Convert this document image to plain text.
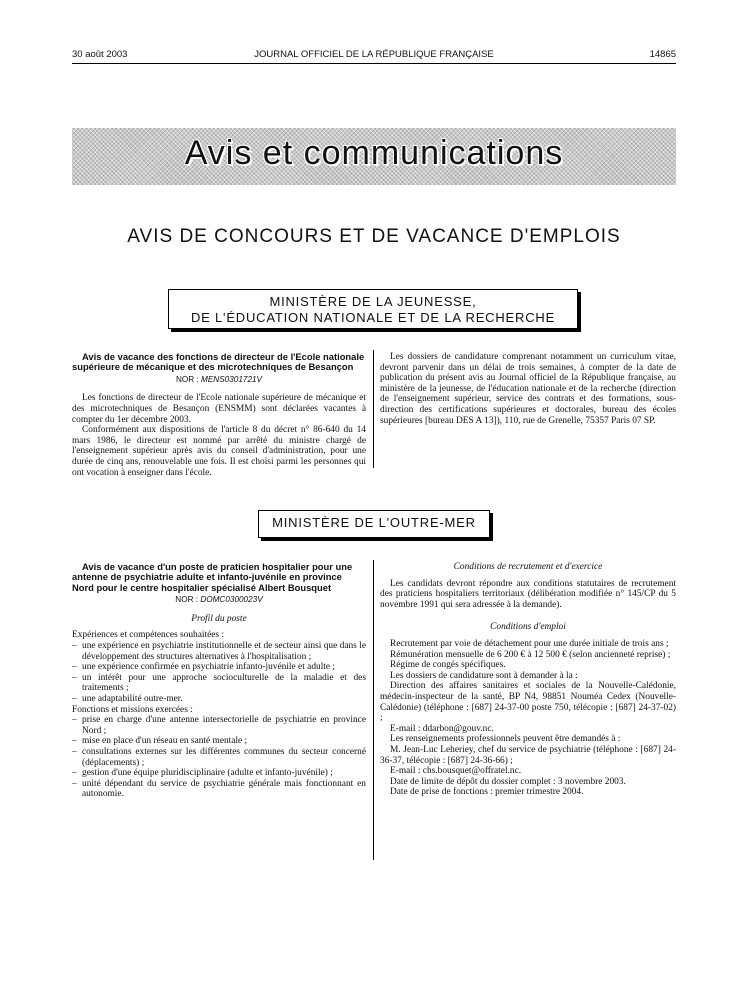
30 août 2003	JOURNAL OFFICIEL DE LA RÉPUBLIQUE FRANÇAISE	14865
Avis et communications
AVIS DE CONCOURS ET DE VACANCE D'EMPLOIS
MINISTÈRE DE LA JEUNESSE,
DE L'ÉDUCATION NATIONALE ET DE LA RECHERCHE

Avis de vacance des fonctions de directeur de l'Ecole nationale supérieure de mécanique et des microtechniques de Besançon

NOR : MENS0301721V

Les fonctions de directeur de l'Ecole nationale supérieure de mécanique et des microtechniques de Besançon (ENSMM) sont déclarées vacantes à compter du 1er décembre 2003.

Conformément aux dispositions de l'article 8 du décret n° 86-640 du 14 mars 1986, le directeur est nommé par arrêté du ministre chargé de l'enseignement supérieur après avis du conseil d'administration, pour une durée de cinq ans, renouvelable une fois. Il est choisi parmi les personnes qui ont vocation à enseigner dans l'école.

Les dossiers de candidature comprenant notamment un curriculum vitae, devront parvenir dans un délai de trois semaines, à compter de la date de publication du présent avis au Journal officiel de la République française, au ministère de la jeunesse, de l'éducation nationale et de la recherche (direction de l'enseignement supérieur, service des contrats et des formations, sous-direction des certifications supérieures et doctorales, bureau des écoles supérieures [bureau DES A 13]), 110, rue de Grenelle, 75357 Paris 07 SP.

MINISTÈRE DE L'OUTRE-MER

Avis de vacance d'un poste de praticien hospitalier pour une antenne de psychiatrie adulte et infanto-juvénile en province Nord pour le centre hospitalier spécialisé Albert Bousquet

NOR : DOMC0300023V
Profil du poste

Expériences et compétences souhaitées :

– une expérience en psychiatrie institutionnelle et de secteur ainsi que dans le développement des structures alternatives à l'hospitalisation ;
– une expérience confirmée en psychiatrie infanto-juvénile et adulte ;
– un intérêt pour une approche socioculturelle de la maladie et des traitements ;
– une adaptabilité outre-mer.

Fonctions et missions exercées :

– prise en charge d'une antenne intersectorielle de psychiatrie en province Nord ;
– mise en place d'un réseau en santé mentale ;
– consultations externes sur les différentes communes du secteur concerné (déplacements) ;
– gestion d'une équipe pluridisciplinaire (adulte et infanto-juvénile) ;
– unité dépendant du service de psychiatrie générale mais fonctionnant en autonomie.
Conditions de recrutement et d'exercice

Les candidats devront répondre aux conditions statutaires de recrutement des praticiens hospitaliers territoriaux (délibération modifiée n° 145/CP du 5 novembre 1991 qui sera adressée à la demande).

Conditions d'emploi

Recrutement par voie de détachement pour une durée initiale de trois ans ;

Rémunération mensuelle de 6 200 € à 12 500 € (selon ancienneté reprise) ;

Régime de congés spécifiques.

Les dossiers de candidature sont à demander à la :

Direction des affaires sanitaires et sociales de la Nouvelle-Calédonie, médecin-inspecteur de la santé, BP N4, 98851 Nouméa Cedex (Nouvelle-Calédonie) (téléphone : [687] 24-37-00 poste 750, télécopie : [687] 24-37-02) ;

E-mail : ddarbon@gouv.nc.

Les renseignements professionnels peuvent être demandés à :

M. Jean-Luc Leheriey, chef du service de psychiatrie (téléphone : [687] 24-36-37, télécopie : [687] 24-36-66) ;

E-mail : chs.bousquet@offratel.nc.

Date de limite de dépôt du dossier complet : 3 novembre 2003.

Date de prise de fonctions : premier trimestre 2004.
